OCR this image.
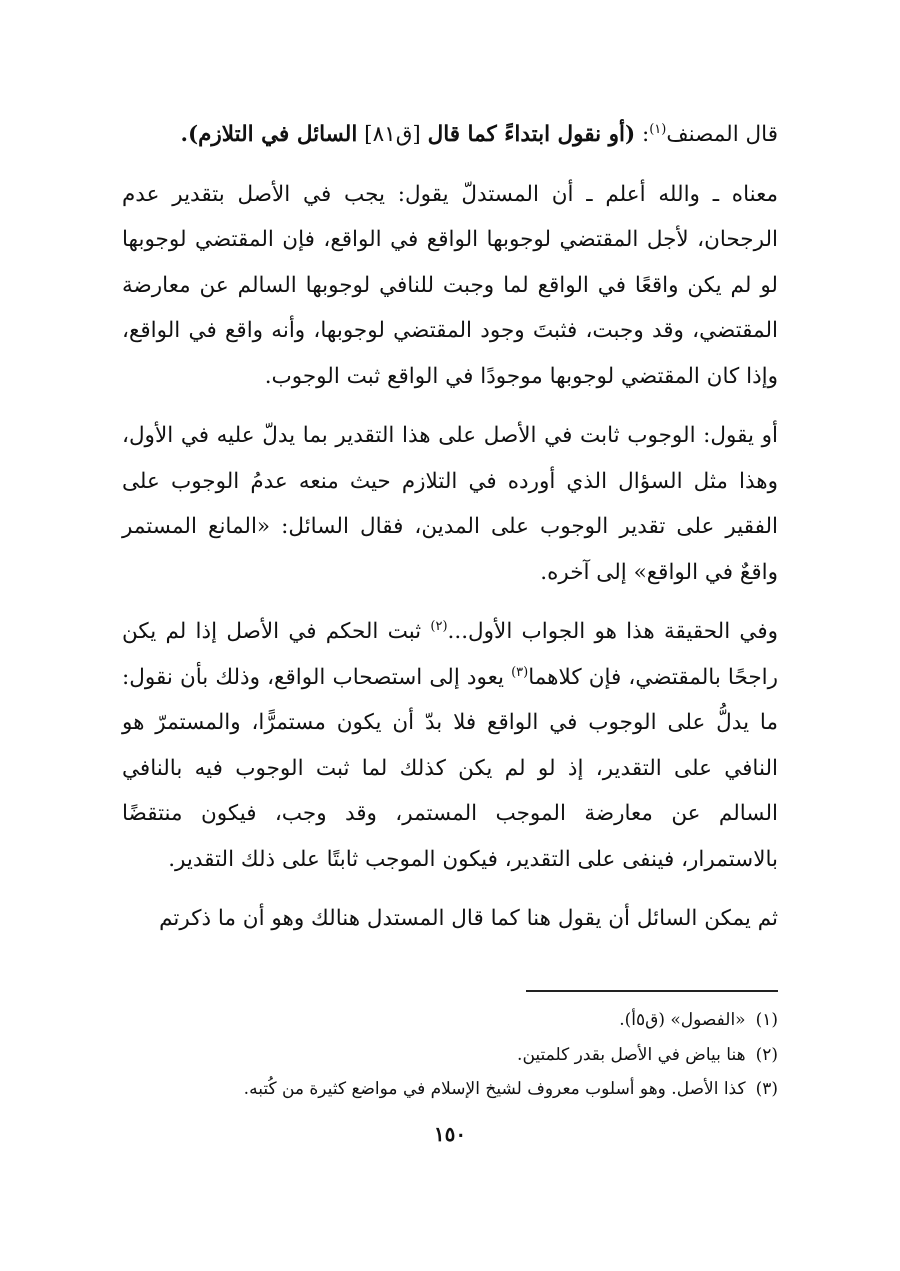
قال المصنف$^{(١)}$: (أو نقول ابتداءً كما قال [ق٨١] السائل في التلازم).

معناه ـ والله أعلم ـ أن المستدلّ يقول: يجب في الأصل بتقدير عدم الرجحان، لأجل المقتضي لوجوبها الواقع في الواقع، فإن المقتضي لوجوبها لو لم يكن واقعًا في الواقع لما وجبت للنافي لوجوبها السالم عن معارضة المقتضي، وقد وجبت، فثبتَ وجود المقتضي لوجوبها، وأنه واقع في الواقع، وإذا كان المقتضي لوجوبها موجودًا في الواقع ثبت الوجوب.

أو يقول: الوجوب ثابت في الأصل على هذا التقدير بما يدلّ عليه في الأول، وهذا مثل السؤال الذي أورده في التلازم حيث منعه عدمُ الوجوب على الفقير على تقدير الوجوب على المدين، فقال السائل: «المانع المستمر واقعٌ في الواقع» إلى آخره.

وفي الحقيقة هذا هو الجواب الأول...$^{(٢)}$ ثبت الحكم في الأصل إذا لم يكن راجحًا بالمقتضي، فإن كلاهما$^{(٣)}$ يعود إلى استصحاب الواقع، وذلك بأن نقول: ما يدلُّ على الوجوب في الواقع فلا بدّ أن يكون مستمرًّا، والمستمرّ هو النافي على التقدير، إذ لو لم يكن كذلك لما ثبت الوجوب فيه بالنافي السالم عن معارضة الموجب المستمر، وقد وجب، فيكون منتقضًا بالاستمرار، فينفى على التقدير، فيكون الموجب ثابتًا على ذلك التقدير.

ثم يمكن السائل أن يقول هنا كما قال المستدل هنالك وهو أن ما ذكرتم

(١)«الفصول» (ق٥أ).

(٢)هنا بياض في الأصل بقدر كلمتين.

(٣)كذا الأصل. وهو أسلوب معروف لشيخ الإسلام في مواضع كثيرة من كُتبه.

١٥٠
